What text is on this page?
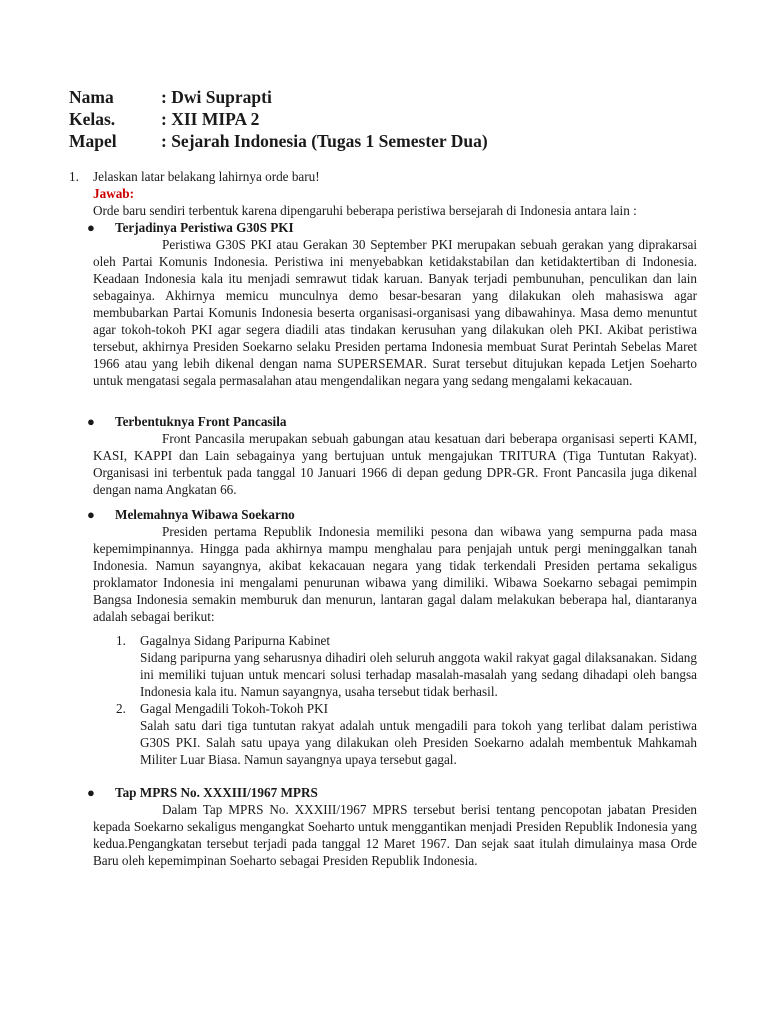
Nama	: Dwi Suprapti
Kelas.	: XII MIPA 2
Mapel	: Sejarah Indonesia (Tugas 1 Semester Dua)
1. Jelaskan latar belakang lahirnya orde baru!
Jawab:
Orde baru sendiri terbentuk karena dipengaruhi beberapa peristiwa bersejarah di Indonesia antara lain :
● Terjadinya Peristiwa G30S PKI

Peristiwa G30S PKI atau Gerakan 30 September PKI merupakan sebuah gerakan yang diprakarsai oleh Partai Komunis Indonesia. Peristiwa ini menyebabkan ketidakstabilan dan ketidaktertiban di Indonesia. Keadaan Indonesia kala itu menjadi semrawut tidak karuan. Banyak terjadi pembunuhan, penculikan dan lain sebagainya. Akhirnya memicu munculnya demo besar-besaran yang dilakukan oleh mahasiswa agar membubarkan Partai Komunis Indonesia beserta organisasi-organisasi yang dibawahinya. Masa demo menuntut agar tokoh-tokoh PKI agar segera diadili atas tindakan kerusuhan yang dilakukan oleh PKI. Akibat peristiwa tersebut, akhirnya Presiden Soekarno selaku Presiden pertama Indonesia membuat Surat Perintah Sebelas Maret 1966 atau yang lebih dikenal dengan nama SUPERSEMAR. Surat tersebut ditujukan kepada Letjen Soeharto untuk mengatasi segala permasalahan atau mengendalikan negara yang sedang mengalami kekacauan.

● Terbentuknya Front Pancasila

Front Pancasila merupakan sebuah gabungan atau kesatuan dari beberapa organisasi seperti KAMI, KASI, KAPPI dan Lain sebagainya yang bertujuan untuk mengajukan TRITURA (Tiga Tuntutan Rakyat). Organisasi ini terbentuk pada tanggal 10 Januari 1966 di depan gedung DPR-GR. Front Pancasila juga dikenal dengan nama Angkatan 66.

● Melemahnya Wibawa Soekarno

Presiden pertama Republik Indonesia memiliki pesona dan wibawa yang sempurna pada masa kepemimpinannya. Hingga pada akhirnya mampu menghalau para penjajah untuk pergi meninggalkan tanah Indonesia. Namun sayangnya, akibat kekacauan negara yang tidak terkendali Presiden pertama sekaligus proklamator Indonesia ini mengalami penurunan wibawa yang dimiliki. Wibawa Soekarno sebagai pemimpin Bangsa Indonesia semakin memburuk dan menurun, lantaran gagal dalam melakukan beberapa hal, diantaranya adalah sebagai berikut:

1. Gagalnya Sidang Paripurna Kabinet
Sidang paripurna yang seharusnya dihadiri oleh seluruh anggota wakil rakyat gagal dilaksanakan. Sidang ini memiliki tujuan untuk mencari solusi terhadap masalah-masalah yang sedang dihadapi oleh bangsa Indonesia kala itu. Namun sayangnya, usaha tersebut tidak berhasil.
2. Gagal Mengadili Tokoh-Tokoh PKI
Salah satu dari tiga tuntutan rakyat adalah untuk mengadili para tokoh yang terlibat dalam peristiwa G30S PKI. Salah satu upaya yang dilakukan oleh Presiden Soekarno adalah membentuk Mahkamah Militer Luar Biasa. Namun sayangnya upaya tersebut gagal.
● Tap MPRS No. XXXIII/1967 MPRS

Dalam Tap MPRS No. XXXIII/1967 MPRS tersebut berisi tentang pencopotan jabatan Presiden kepada Soekarno sekaligus mengangkat Soeharto untuk menggantikan menjadi Presiden Republik Indonesia yang kedua.Pengangkatan tersebut terjadi pada tanggal 12 Maret 1967. Dan sejak saat itulah dimulainya masa Orde Baru oleh kepemimpinan Soeharto sebagai Presiden Republik Indonesia.
